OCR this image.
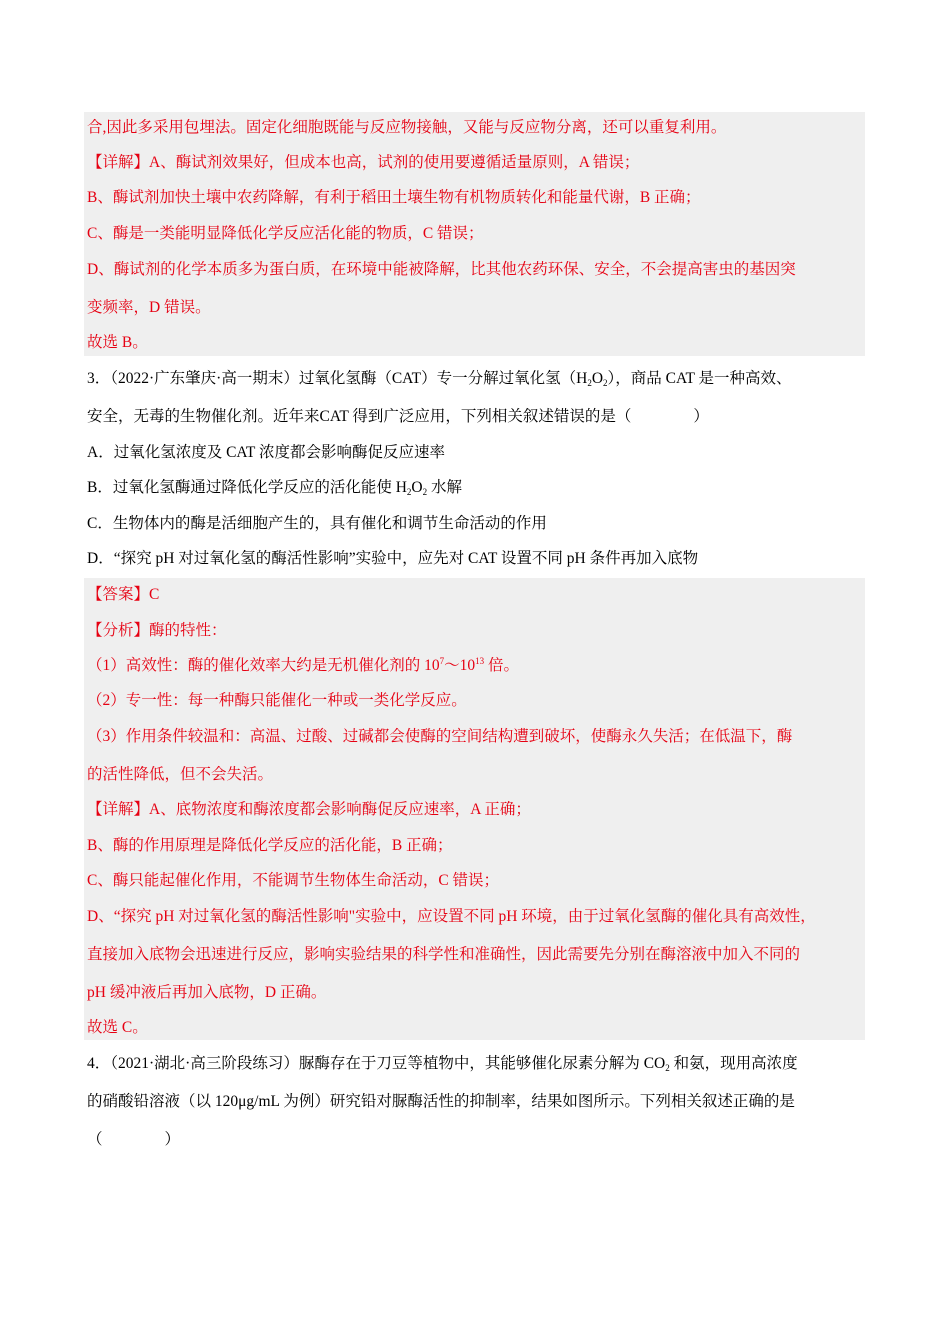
合,因此多采用包埋法。固定化细胞既能与反应物接触，又能与反应物分离，还可以重复利用。
【详解】A、酶试剂效果好，但成本也高，试剂的使用要遵循适量原则，A 错误；
B、酶试剂加快土壤中农药降解，有利于稻田土壤生物有机物质转化和能量代谢，B 正确；
C、酶是一类能明显降低化学反应活化能的物质，C 错误；
D、酶试剂的化学本质多为蛋白质，在环境中能被降解，比其他农药环保、安全，不会提高害虫的基因突
变频率，D 错误。
故选 B。
3．（2022·广东肇庆·高一期末）过氧化氢酶（CAT）专一分解过氧化氢$(H_2O_2)$，商品 CAT 是一种高效、
安全，无毒的生物催化剂。近年来CAT 得到广泛应用，下列相关叙述错误的是（　　　　）
A．过氧化氢浓度及 CAT 浓度都会影响酶促反应速率
B．过氧化氢酶通过降低化学反应的活化能使 $H_2O_2$ 水解
C．生物体内的酶是活细胞产生的，具有催化和调节生命活动的作用
D．“探究 pH 对过氧化氢的酶活性影响”实验中，应先对 CAT 设置不同 pH 条件再加入底物
【答案】C
【分析】酶的特性：
（1）高效性：酶的催化效率大约是无机催化剂的 $10^7\sim 10^{13}$ 倍。
（2）专一性：每一种酶只能催化一种或一类化学反应。
（3）作用条件较温和：高温、过酸、过碱都会使酶的空间结构遭到破坏，使酶永久失活；在低温下，酶
的活性降低，但不会失活。
【详解】A、底物浓度和酶浓度都会影响酶促反应速率，A 正确；
B、酶的作用原理是降低化学反应的活化能，B 正确；
C、酶只能起催化作用，不能调节生物体生命活动，C 错误；
D、“探究 pH 对过氧化氢的酶活性影响"实验中，应设置不同 pH 环境，由于过氧化氢酶的催化具有高效性，
直接加入底物会迅速进行反应，影响实验结果的科学性和准确性，因此需要先分别在酶溶液中加入不同的
pH 缓冲液后再加入底物，D 正确。
故选 C。
4．（2021·湖北·高三阶段练习）脲酶存在于刀豆等植物中，其能够催化尿素分解为 $CO_2$ 和氨，现用高浓度
的硝酸铅溶液（以 120μg/mL 为例）研究铅对脲酶活性的抑制率，结果如图所示。下列相关叙述正确的是
（　　　　）
